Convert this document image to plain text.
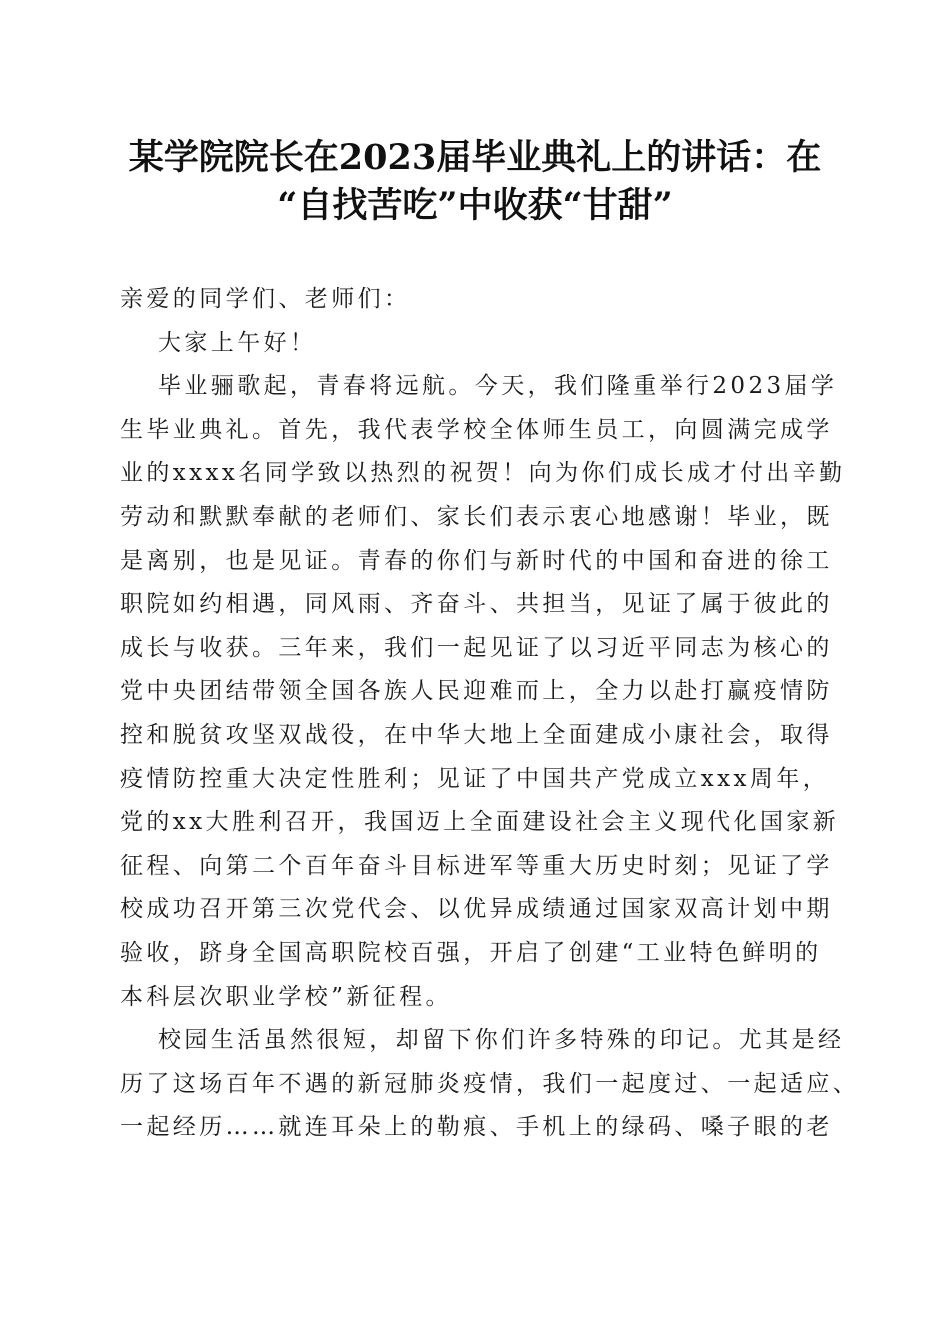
某学院院长在2023届毕业典礼上的讲话：在
“自找苦吃”中收获“甘甜”

亲爱的同学们、老师们：

大家上午好！

毕业骊歌起，青春将远航。今天，我们隆重举行2023届学
生毕业典礼。首先，我代表学校全体师生员工，向圆满完成学
业的xxxx名同学致以热烈的祝贺！向为你们成长成才付出辛勤
劳动和默默奉献的老师们、家长们表示衷心地感谢！毕业，既
是离别，也是见证。青春的你们与新时代的中国和奋进的徐工
职院如约相遇，同风雨、齐奋斗、共担当，见证了属于彼此的
成长与收获。三年来，我们一起见证了以习近平同志为核心的
党中央团结带领全国各族人民迎难而上，全力以赴打赢疫情防
控和脱贫攻坚双战役，在中华大地上全面建成小康社会，取得
疫情防控重大决定性胜利；见证了中国共产党成立xxx周年，
党的xx大胜利召开，我国迈上全面建设社会主义现代化国家新
征程、向第二个百年奋斗目标进军等重大历史时刻；见证了学
校成功召开第三次党代会、以优异成绩通过国家双高计划中期
验收，跻身全国高职院校百强，开启了创建“工业特色鲜明的
本科层次职业学校”新征程。
校园生活虽然很短，却留下你们许多特殊的印记。尤其是经
历了这场百年不遇的新冠肺炎疫情，我们一起度过、一起适应、
一起经历……就连耳朵上的勒痕、手机上的绿码、嗓子眼的老
